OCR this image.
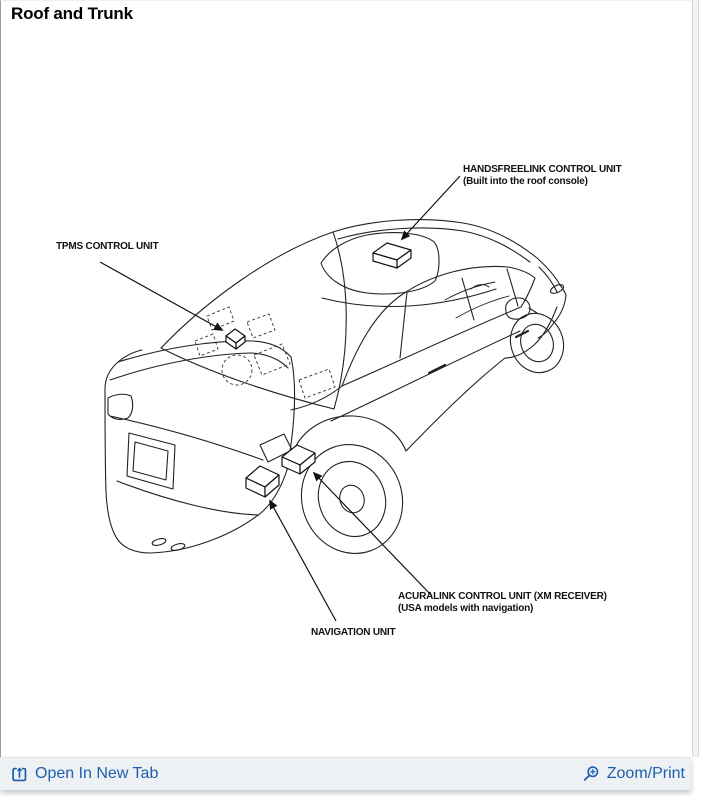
Roof and Trunk
HANDSFREELINK CONTROL UNIT
(Built into the roof console)
TPMS CONTROL UNIT
ACURALINK CONTROL UNIT (XM RECEIVER)
(USA models with navigation)
NAVIGATION UNIT
Open In New Tab	Zoom/Print
